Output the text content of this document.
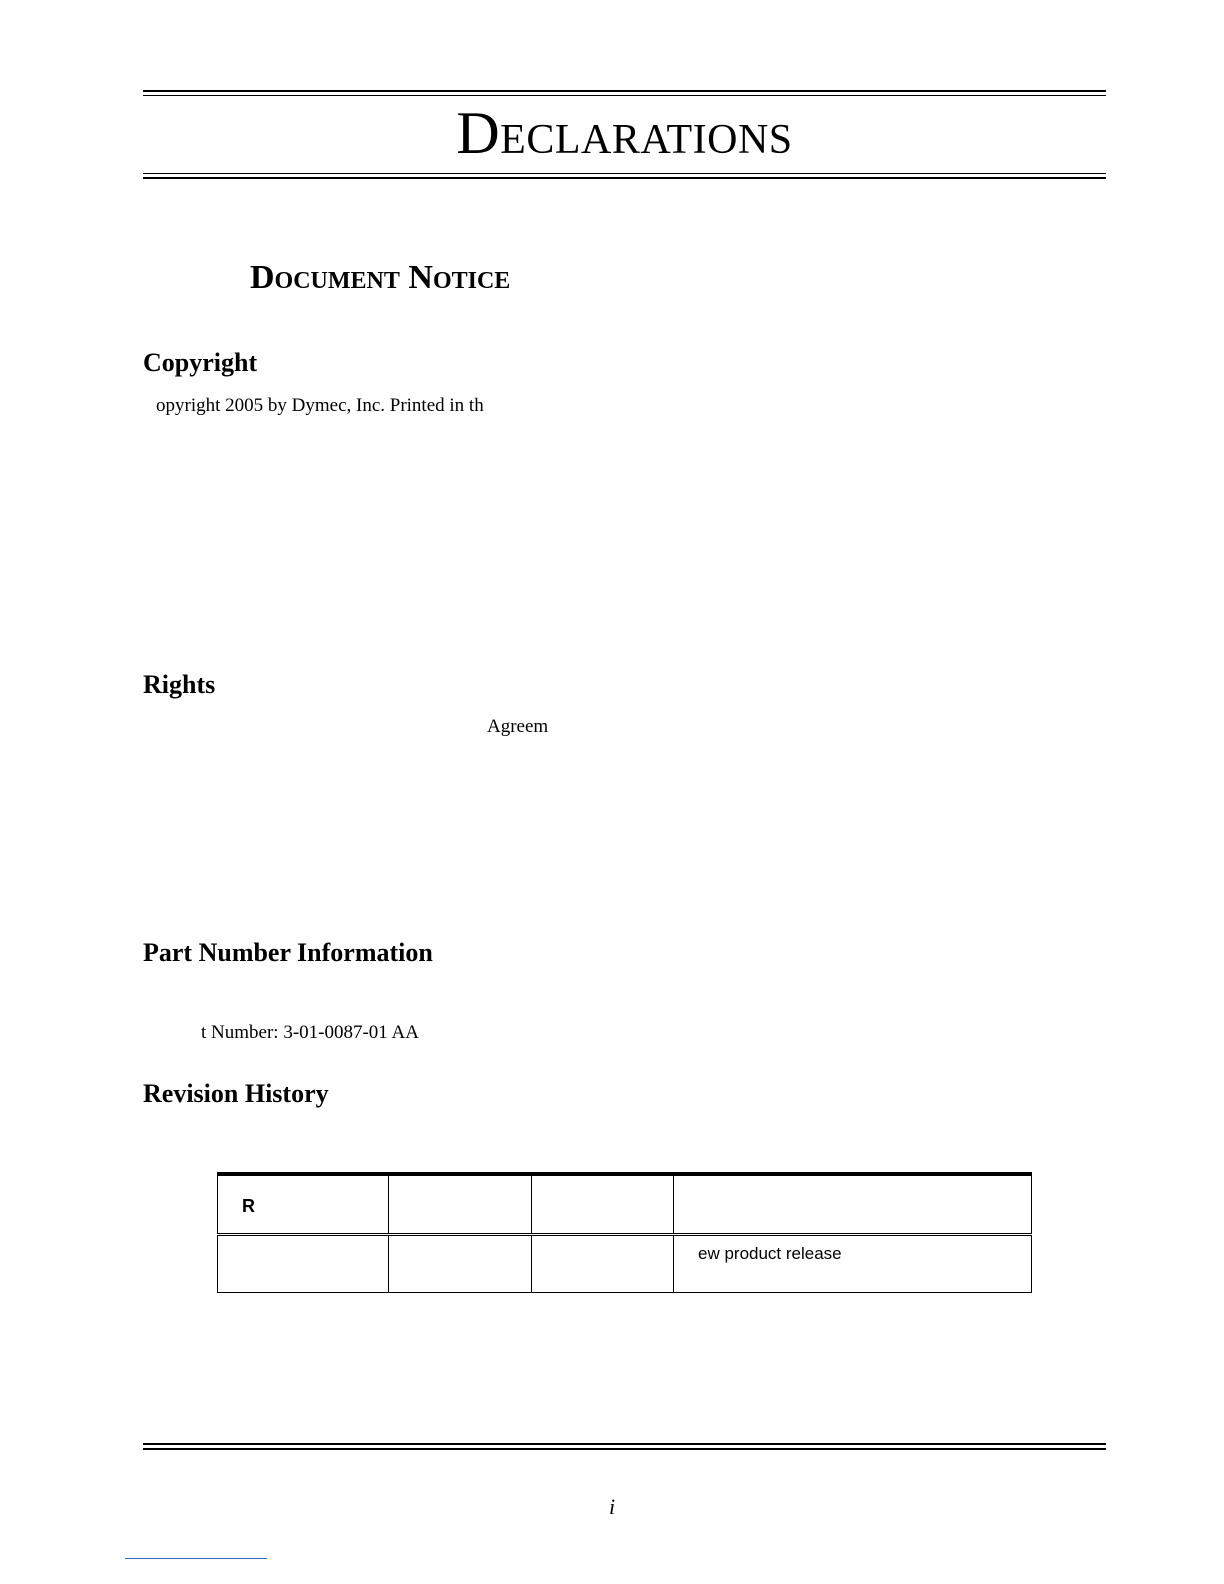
Declarations
Document Notice
Copyright
opyright 2005 by Dymec, Inc. Printed in th
Rights
Agreem
Part Number Information
t Number: 3-01-0087-01 AA
Revision History
R			
			ew product release
i
